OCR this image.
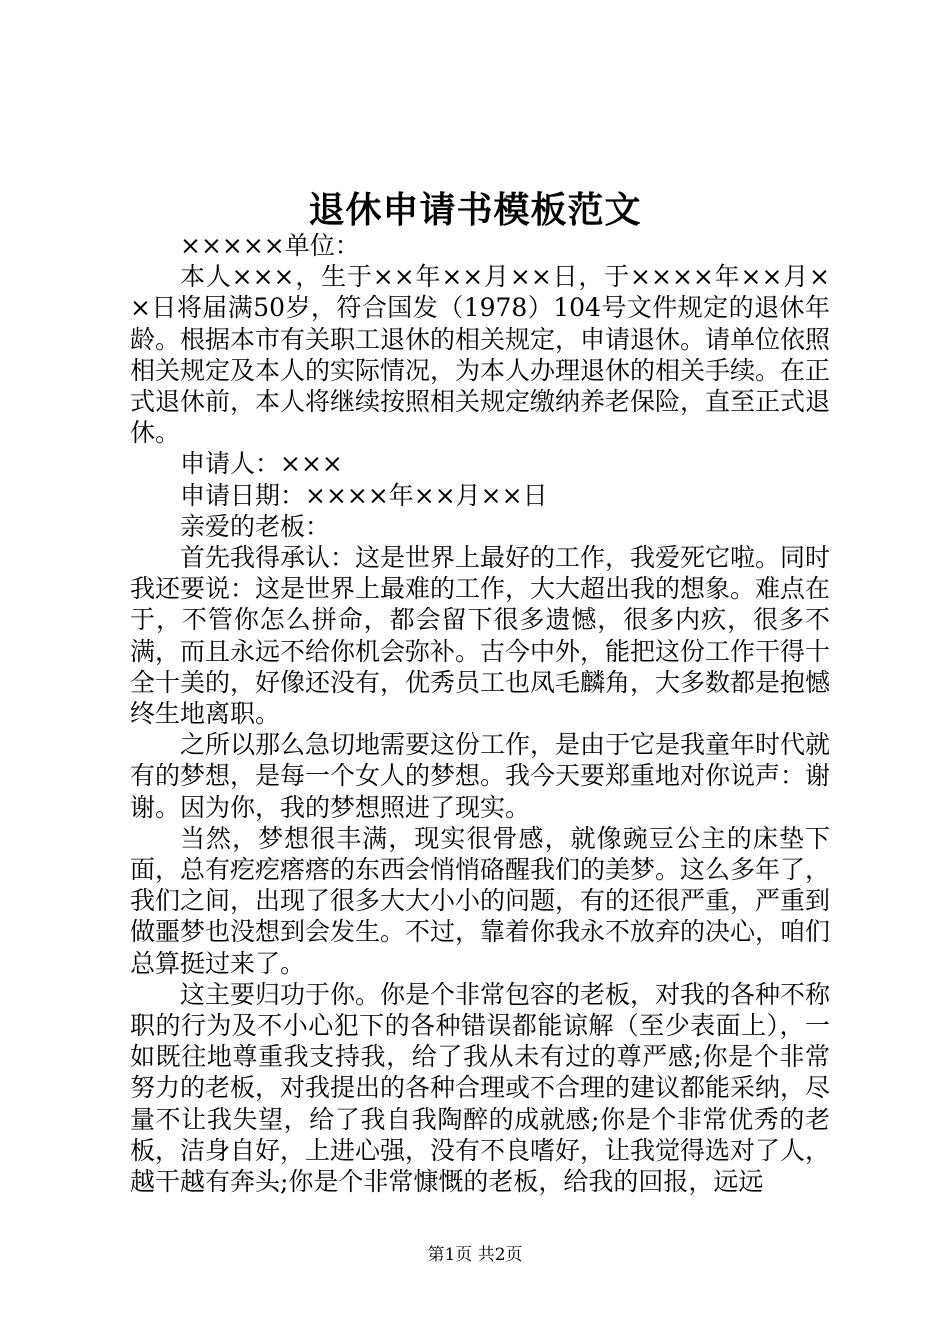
退休申请书模板范文

×××××单位：

本人×××，生于××年××月××日，于××××年××月××日将届满50岁，符合国发（1978）104号文件规定的退休年龄。根据本市有关职工退休的相关规定，申请退休。请单位依照相关规定及本人的实际情况，为本人办理退休的相关手续。在正式退休前，本人将继续按照相关规定缴纳养老保险，直至正式退休。

申请人：×××

申请日期：××××年××月××日

亲爱的老板：

首先我得承认：这是世界上最好的工作，我爱死它啦。同时我还要说：这是世界上最难的工作，大大超出我的想象。难点在于，不管你怎么拼命，都会留下很多遗憾，很多内疚，很多不满，而且永远不给你机会弥补。古今中外，能把这份工作干得十全十美的，好像还没有，优秀员工也凤毛麟角，大多数都是抱憾终生地离职。

之所以那么急切地需要这份工作，是由于它是我童年时代就有的梦想，是每一个女人的梦想。我今天要郑重地对你说声：谢谢。因为你，我的梦想照进了现实。

当然，梦想很丰满，现实很骨感，就像豌豆公主的床垫下面，总有疙疙瘩瘩的东西会悄悄硌醒我们的美梦。这么多年了，我们之间，出现了很多大大小小的问题，有的还很严重，严重到做噩梦也没想到会发生。不过，靠着你我永不放弃的决心，咱们总算挺过来了。

这主要归功于你。你是个非常包容的老板，对我的各种不称职的行为及不小心犯下的各种错误都能谅解（至少表面上），一如既往地尊重我支持我，给了我从未有过的尊严感;你是个非常努力的老板，对我提出的各种合理或不合理的建议都能采纳，尽量不让我失望，给了我自我陶醉的成就感;你是个非常优秀的老板，洁身自好，上进心强，没有不良嗜好，让我觉得选对了人，越干越有奔头;你是个非常慷慨的老板，给我的回报，远远

第1页 共2页
